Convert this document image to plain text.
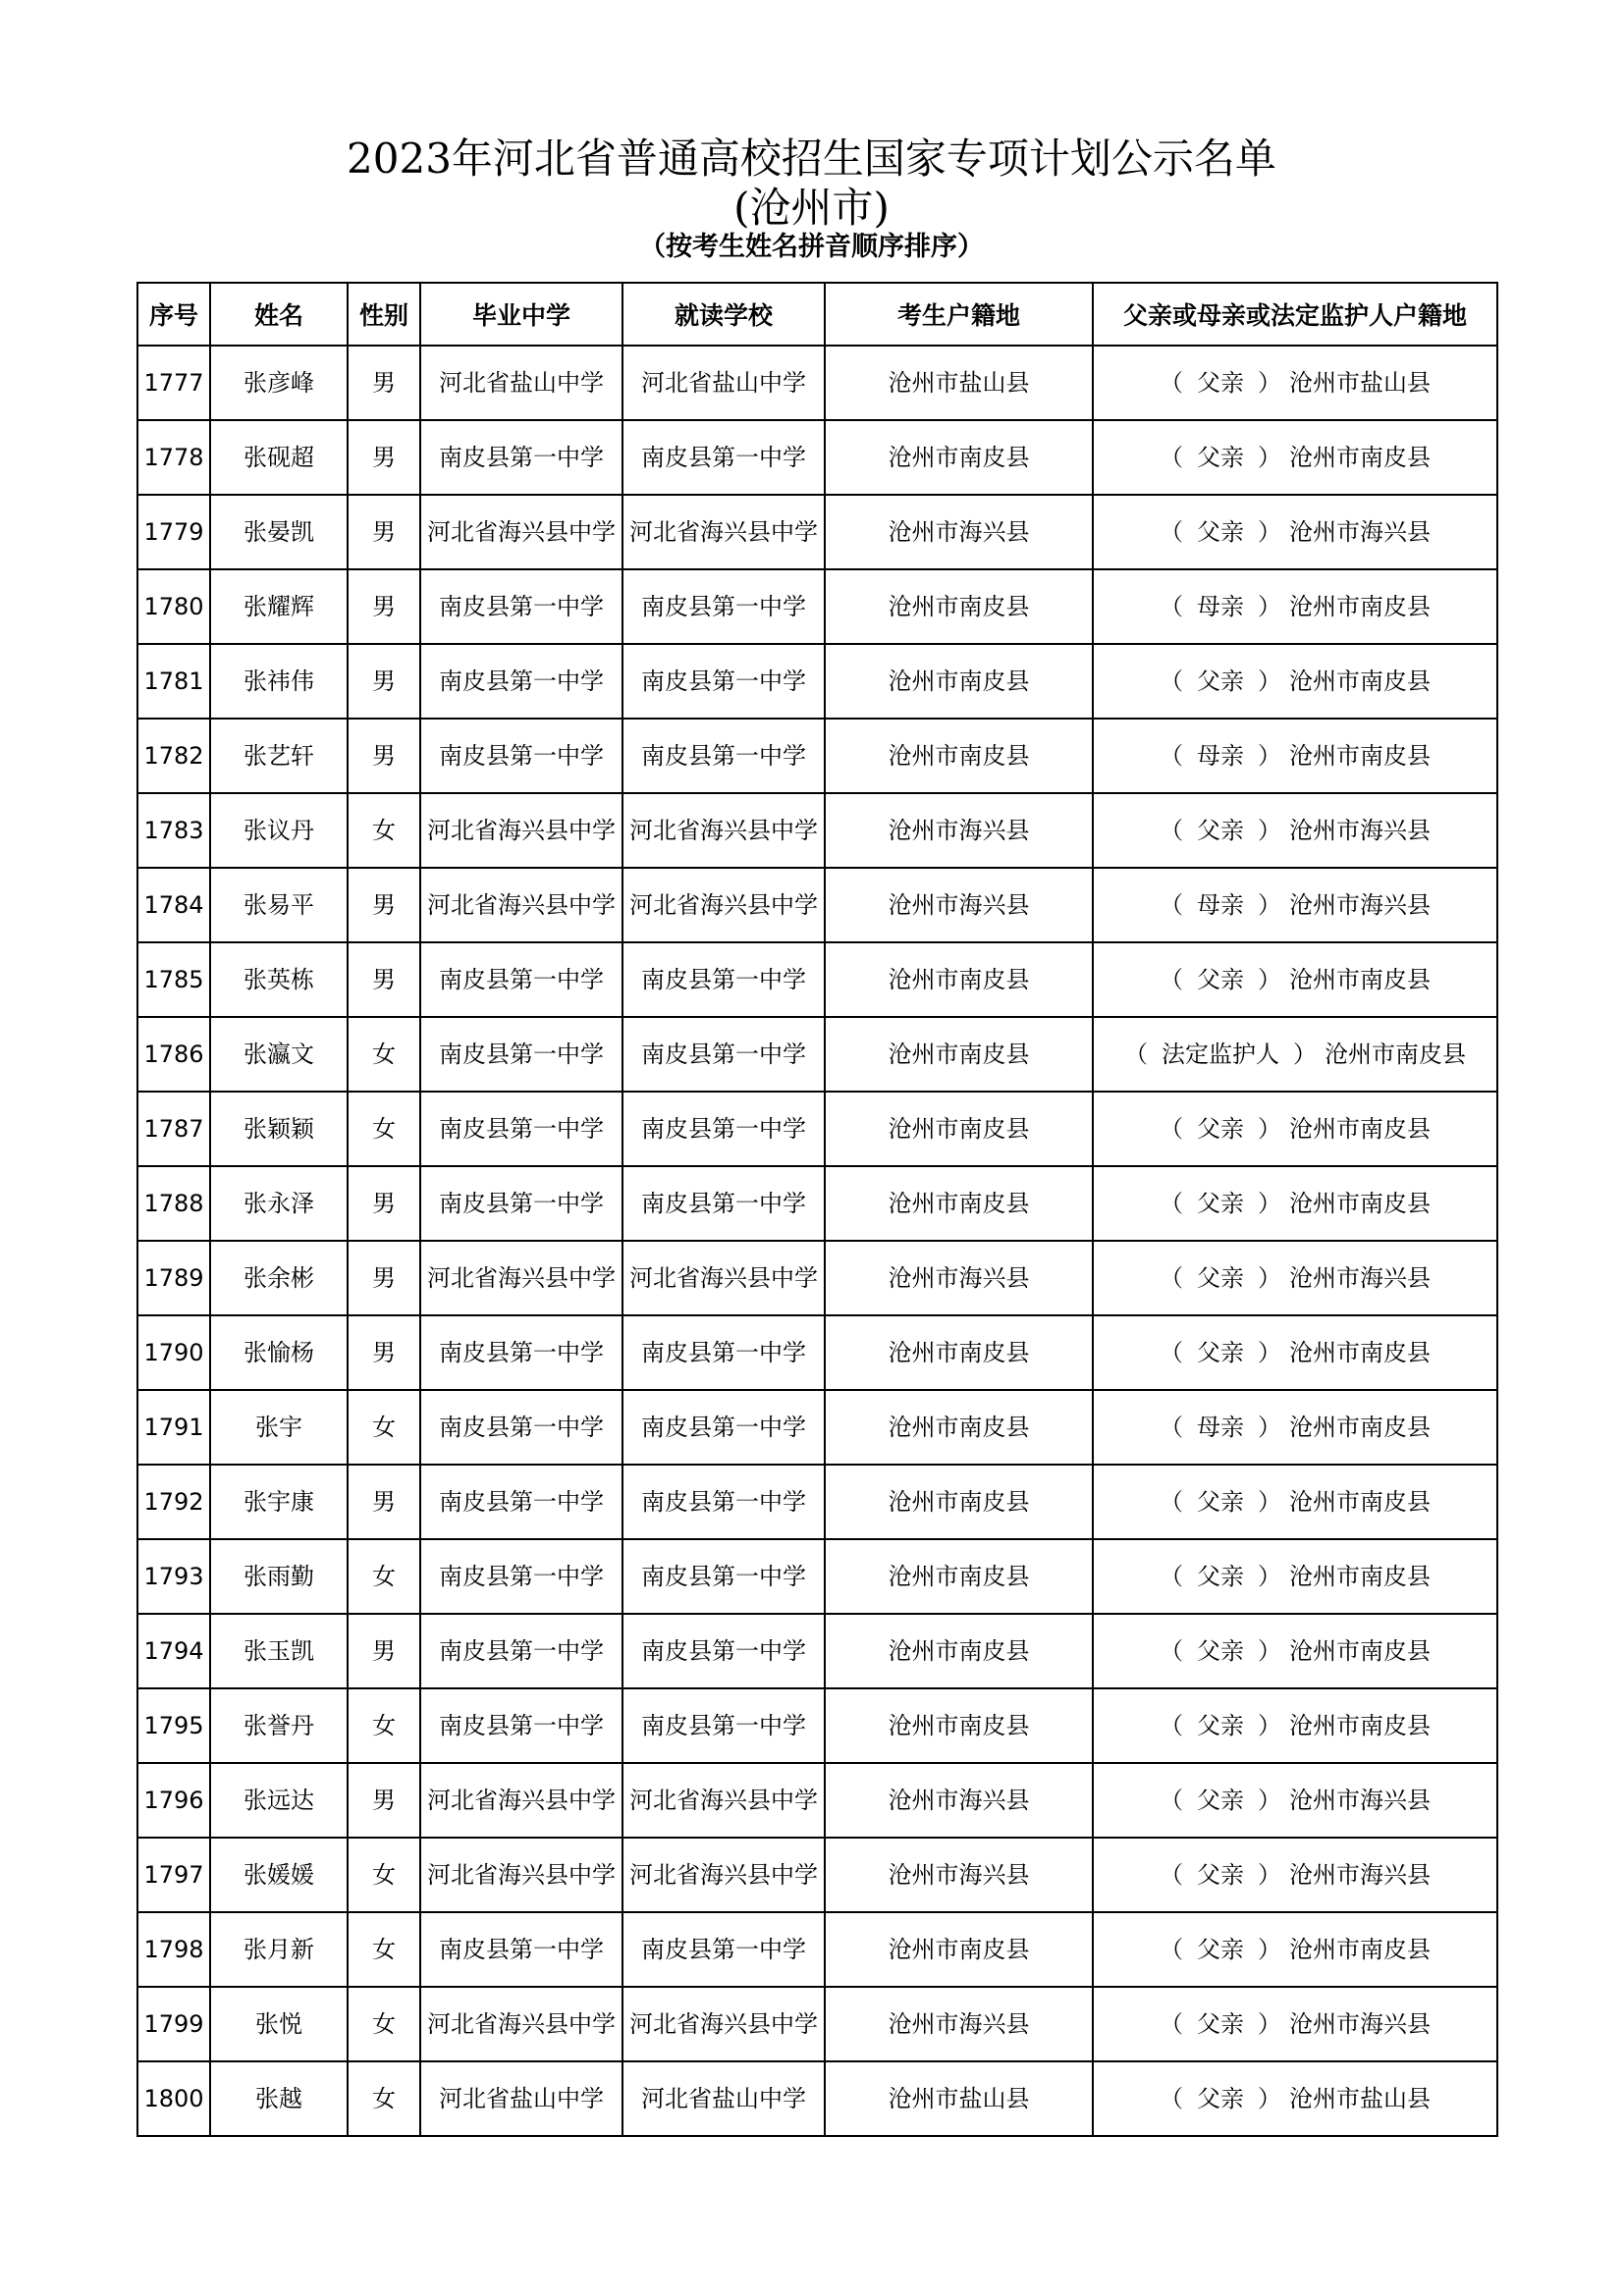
2023年河北省普通高校招生国家专项计划公示名单
(沧州市)
（按考生姓名拼音顺序排序）
序号	姓名	性别	毕业中学	就读学校	考生户籍地	父亲或母亲或法定监护人户籍地
1777	张彦峰	男	河北省盐山中学	河北省盐山中学	沧州市盐山县	（ 父亲 ） 沧州市盐山县
1778	张砚超	男	南皮县第一中学	南皮县第一中学	沧州市南皮县	（ 父亲 ） 沧州市南皮县
1779	张晏凯	男	河北省海兴县中学	河北省海兴县中学	沧州市海兴县	（ 父亲 ） 沧州市海兴县
1780	张耀辉	男	南皮县第一中学	南皮县第一中学	沧州市南皮县	（ 母亲 ） 沧州市南皮县
1781	张祎伟	男	南皮县第一中学	南皮县第一中学	沧州市南皮县	（ 父亲 ） 沧州市南皮县
1782	张艺轩	男	南皮县第一中学	南皮县第一中学	沧州市南皮县	（ 母亲 ） 沧州市南皮县
1783	张议丹	女	河北省海兴县中学	河北省海兴县中学	沧州市海兴县	（ 父亲 ） 沧州市海兴县
1784	张易平	男	河北省海兴县中学	河北省海兴县中学	沧州市海兴县	（ 母亲 ） 沧州市海兴县
1785	张英栋	男	南皮县第一中学	南皮县第一中学	沧州市南皮县	（ 父亲 ） 沧州市南皮县
1786	张瀛文	女	南皮县第一中学	南皮县第一中学	沧州市南皮县	（ 法定监护人 ） 沧州市南皮县
1787	张颖颖	女	南皮县第一中学	南皮县第一中学	沧州市南皮县	（ 父亲 ） 沧州市南皮县
1788	张永泽	男	南皮县第一中学	南皮县第一中学	沧州市南皮县	（ 父亲 ） 沧州市南皮县
1789	张余彬	男	河北省海兴县中学	河北省海兴县中学	沧州市海兴县	（ 父亲 ） 沧州市海兴县
1790	张愉杨	男	南皮县第一中学	南皮县第一中学	沧州市南皮县	（ 父亲 ） 沧州市南皮县
1791	张宇	女	南皮县第一中学	南皮县第一中学	沧州市南皮县	（ 母亲 ） 沧州市南皮县
1792	张宇康	男	南皮县第一中学	南皮县第一中学	沧州市南皮县	（ 父亲 ） 沧州市南皮县
1793	张雨勤	女	南皮县第一中学	南皮县第一中学	沧州市南皮县	（ 父亲 ） 沧州市南皮县
1794	张玉凯	男	南皮县第一中学	南皮县第一中学	沧州市南皮县	（ 父亲 ） 沧州市南皮县
1795	张誉丹	女	南皮县第一中学	南皮县第一中学	沧州市南皮县	（ 父亲 ） 沧州市南皮县
1796	张远达	男	河北省海兴县中学	河北省海兴县中学	沧州市海兴县	（ 父亲 ） 沧州市海兴县
1797	张媛媛	女	河北省海兴县中学	河北省海兴县中学	沧州市海兴县	（ 父亲 ） 沧州市海兴县
1798	张月新	女	南皮县第一中学	南皮县第一中学	沧州市南皮县	（ 父亲 ） 沧州市南皮县
1799	张悦	女	河北省海兴县中学	河北省海兴县中学	沧州市海兴县	（ 父亲 ） 沧州市海兴县
1800	张越	女	河北省盐山中学	河北省盐山中学	沧州市盐山县	（ 父亲 ） 沧州市盐山县
